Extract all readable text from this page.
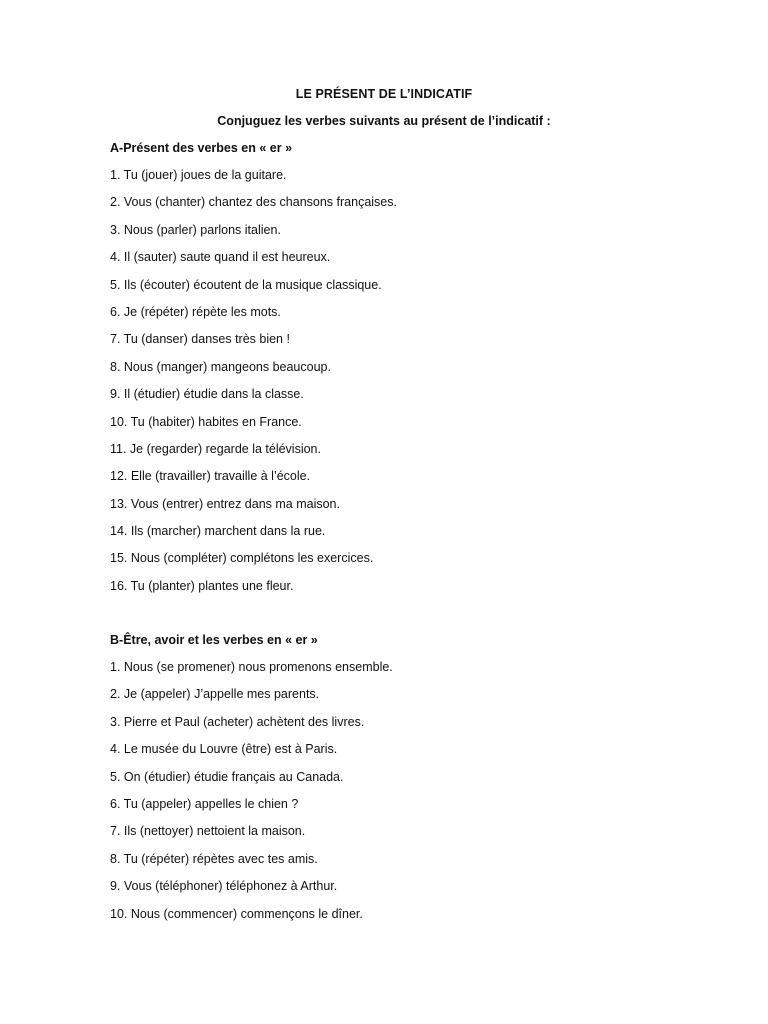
LE PRÉSENT DE L’INDICATIF
Conjuguez les verbes suivants au présent de l’indicatif :
A-Présent des verbes en « er »
1. Tu (jouer) joues de la guitare.
2. Vous (chanter) chantez des chansons françaises.
3. Nous (parler) parlons italien.
4. Il (sauter) saute quand il est heureux.
5. Ils (écouter) écoutent de la musique classique.
6. Je (répéter) répète les mots.
7. Tu (danser) danses très bien !
8. Nous (manger) mangeons beaucoup.
9. Il (étudier) étudie dans la classe.
10. Tu (habiter) habites en France.
11. Je (regarder) regarde la télévision.
12. Elle (travailler) travaille à l’école.
13. Vous (entrer) entrez dans ma maison.
14. Ils (marcher) marchent dans la rue.
15. Nous (compléter) complétons les exercices.
16. Tu (planter) plantes une fleur.
B-Être, avoir et les verbes en « er »
1. Nous (se promener) nous promenons ensemble.
2. Je (appeler) J’appelle mes parents.
3. Pierre et Paul (acheter) achètent des livres.
4. Le musée du Louvre (être) est à Paris.
5. On (étudier) étudie français au Canada.
6. Tu (appeler) appelles le chien ?
7. Ils (nettoyer) nettoient la maison.
8. Tu (répéter) répètes avec tes amis.
9. Vous (téléphoner) téléphonez à Arthur.
10. Nous (commencer) commençons le dîner.
